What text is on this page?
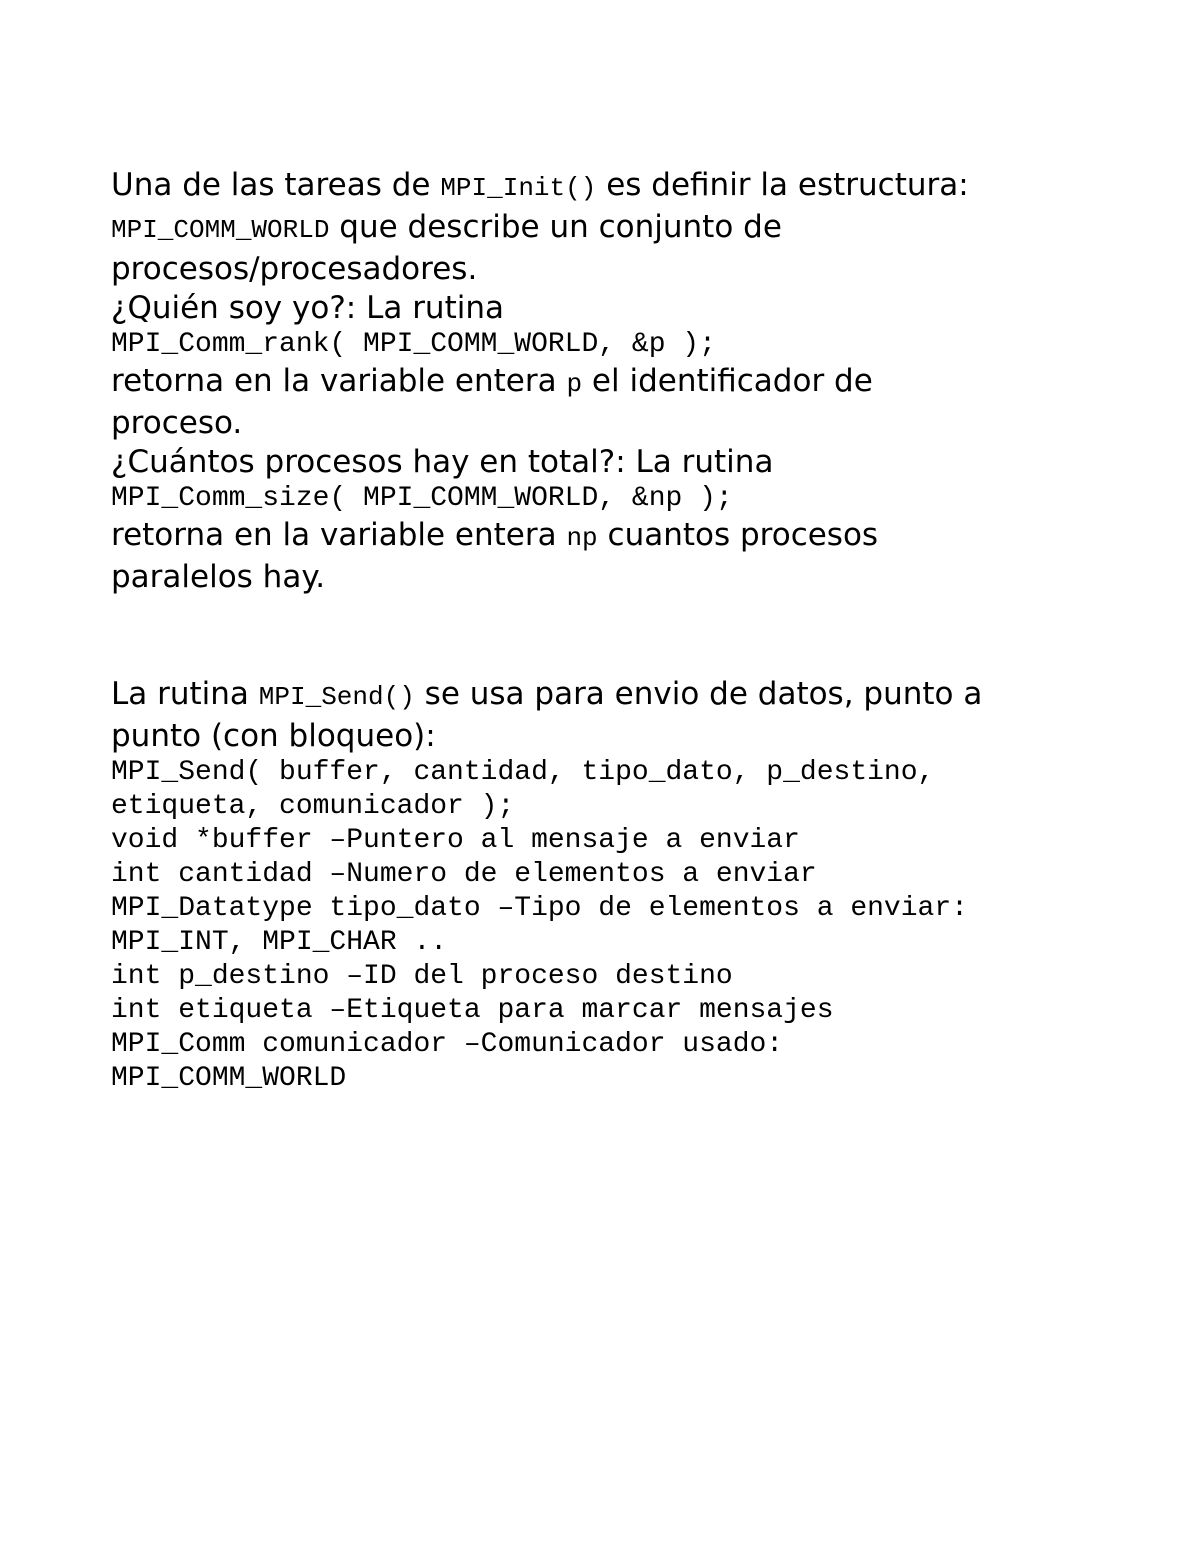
Una de las tareas de MPI_Init() es definir la estructura:
MPI_COMM_WORLD que describe un conjunto de
procesos/procesadores.
¿Quién soy yo?: La rutina
MPI_Comm_rank( MPI_COMM_WORLD, &p );
retorna en la variable entera p el identificador de
proceso.
¿Cuántos procesos hay en total?: La rutina
MPI_Comm_size( MPI_COMM_WORLD, &np );
retorna en la variable entera np cuantos procesos
paralelos hay.
La rutina MPI_Send() se usa para envio de datos, punto a
punto (con bloqueo):
MPI_Send( buffer, cantidad, tipo_dato, p_destino,
etiqueta, comunicador );
void *buffer –Puntero al mensaje a enviar
int cantidad –Numero de elementos a enviar
MPI_Datatype tipo_dato –Tipo de elementos a enviar:
MPI_INT, MPI_CHAR ..
int p_destino –ID del proceso destino
int etiqueta –Etiqueta para marcar mensajes
MPI_Comm comunicador –Comunicador usado:
MPI_COMM_WORLD
